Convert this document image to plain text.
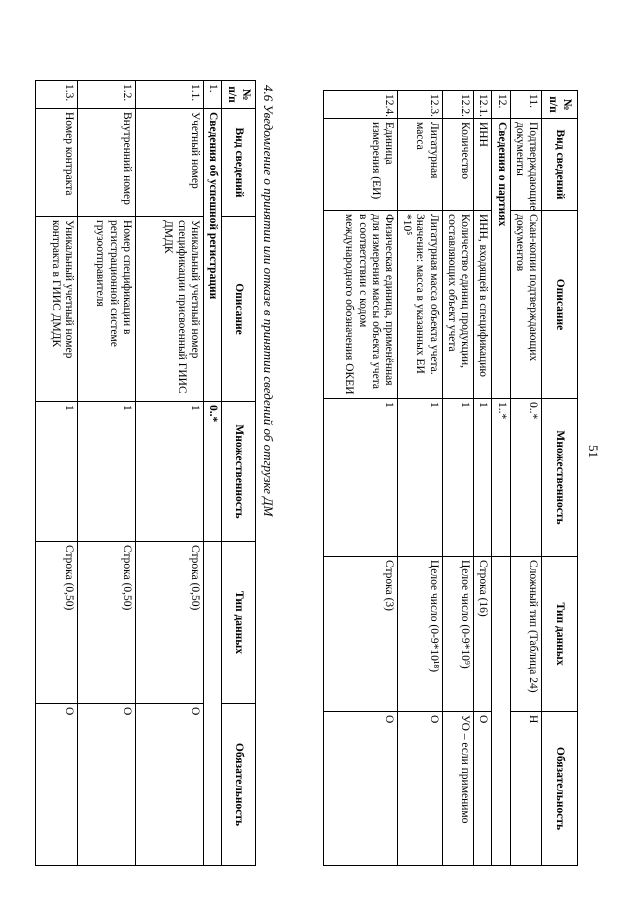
51
№ п/п	Вид сведений	Описание	Множественность	Тип данных	Обязательность
11.	Подтверждающие документы	Скан-копии подтверждающих документов	0..*	Сложный тип (Таблица 24)	Н
12.	Сведения о партиях		1..*		
12.1.	ИНН	ИНН, входящей в спецификацию	1	Строка (16)	О
12.2.	Количество	Количество единиц продукции, составляющих объект учета	1	Целое число (0-9*10⁹)	УО – если применимо
12.3.	Лигатурная масса	Лигатурная масса объекта учета. Значение: масса в указанных ЕИ *10⁵	1	Целое число (0-9*10¹⁸)	О
12.4.	Единица измерения (ЕИ)	Физическая единица, применённая для измерения массы объекта учета в соответствии с кодом международного обозначения ОКЕИ	1	Строка (3)	О
4.6 Уведомление о принятии или отказе в принятии сведений об отгрузке ДМ
№ п/п	Вид сведений	Описание	Множественность	Тип данных	Обязательность
1.	Сведения об успешной регистрации		0..*		
1.1.	Учетный номер	Уникальный учетный номер спецификации присвоенный ГИИС ДМДК	1	Строка (0,50)	О
1.2.	Внутренний номер	Номер спецификации в регистрационной системе грузоотправителя	1	Строка (0,50)	О
1.3.	Номер контракта	Уникальный учетный номер контракта в ГИИС ДМДК	1	Строка (0,50)	О
